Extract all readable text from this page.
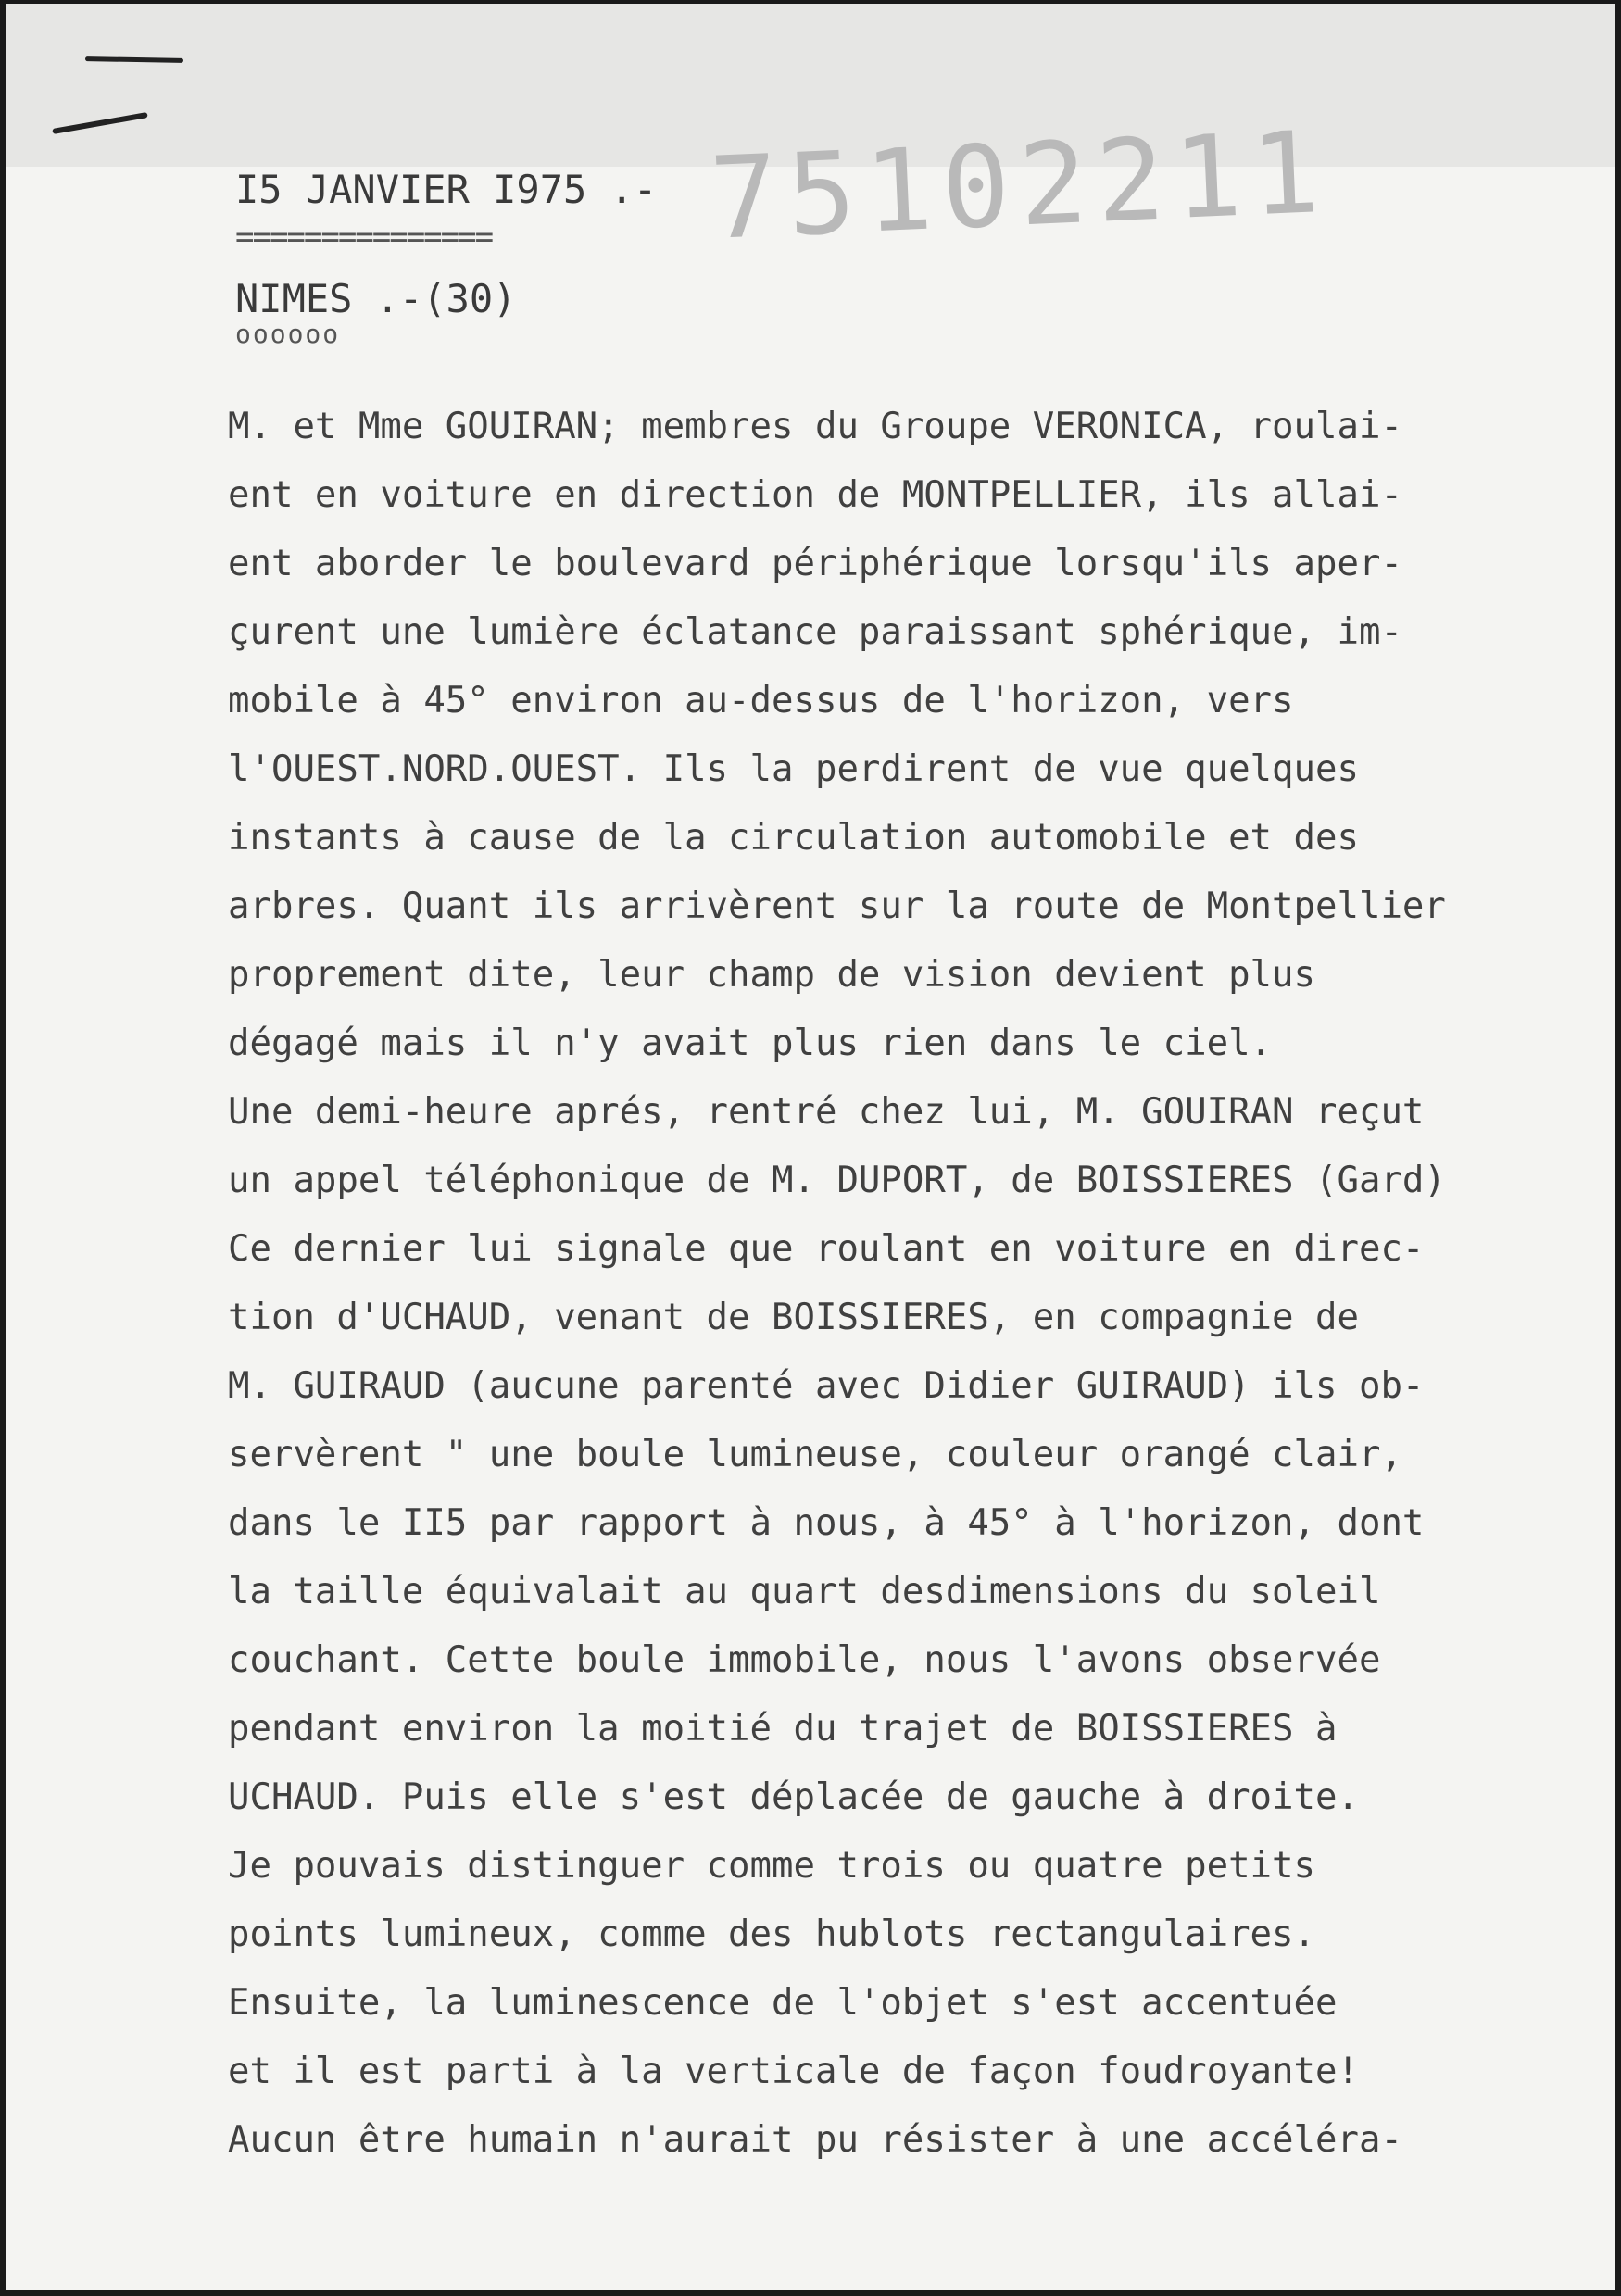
75102211
I5 JANVIER I975 .-
===============
NIMES .-(30)
oooooo
M. et Mme GOUIRAN; membres du Groupe VERONICA, roulai-
ent en voiture en direction de MONTPELLIER, ils allai-
ent aborder le boulevard périphérique lorsqu'ils aper-
çurent une lumière éclatance paraissant sphérique, im-
mobile à 45° environ au-dessus de l'horizon, vers
l'OUEST.NORD.OUEST. Ils la perdirent de vue quelques
instants à cause de la circulation automobile et des
arbres. Quant ils arrivèrent sur la route de Montpellier
proprement dite, leur champ de vision devient plus
dégagé mais il n'y avait plus rien dans le ciel.
Une demi-heure aprés, rentré chez lui, M. GOUIRAN reçut
un appel téléphonique de M. DUPORT, de BOISSIERES (Gard)
Ce dernier lui signale que roulant en voiture en direc-
tion d'UCHAUD, venant de BOISSIERES, en compagnie de
M. GUIRAUD (aucune parenté avec Didier GUIRAUD) ils ob-
servèrent " une boule lumineuse, couleur orangé clair,
dans le II5 par rapport à nous, à 45° à l'horizon, dont
la taille équivalait au quart desdimensions du soleil
couchant. Cette boule immobile, nous l'avons observée
pendant environ la moitié du trajet de BOISSIERES à
UCHAUD. Puis elle s'est déplacée de gauche à droite.
Je pouvais distinguer comme trois ou quatre petits
points lumineux, comme des hublots rectangulaires.
Ensuite, la luminescence de l'objet s'est accentuée
et il est parti à la verticale de façon foudroyante!
Aucun être humain n'aurait pu résister à une accéléra-
